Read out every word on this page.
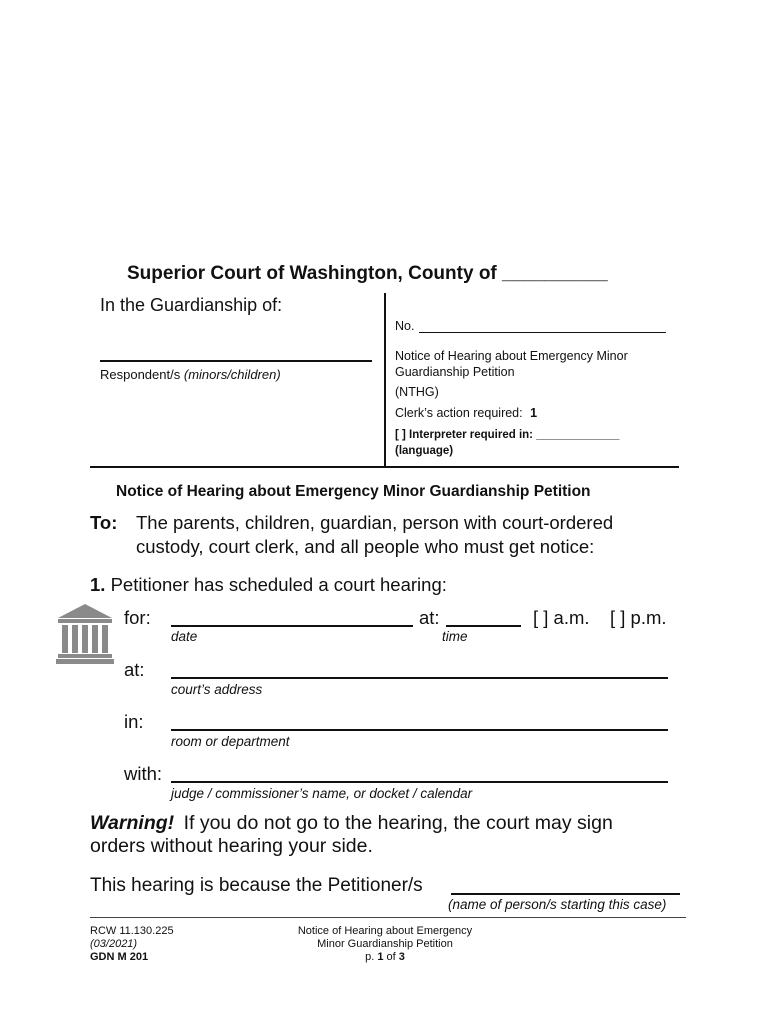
Superior Court of Washington, County of __________
In the Guardianship of:
Respondent/s (minors/children)
No.
Notice of Hearing about Emergency Minor
Guardianship Petition
(NTHG)
Clerk’s action required: 1
[ ] Interpreter required in: _____________
(language)
Notice of Hearing about Emergency Minor Guardianship Petition
To: The parents, children, guardian, person with court-ordered
custody, court clerk, and all people who must get notice:
1. Petitioner has scheduled a court hearing:
for:	at:	[ ] a.m. [ ] p.m.
date	time
at:
court’s address
in:
room or department
with:
judge / commissioner’s name, or docket / calendar
Warning! If you do not go to the hearing, the court may sign
orders without hearing your side.
This hearing is because the Petitioner/s
(name of person/s starting this case)
RCW 11.130.225
(03/2021)
GDN M 201
Notice of Hearing about Emergency
Minor Guardianship Petition
p. 1 of 3
